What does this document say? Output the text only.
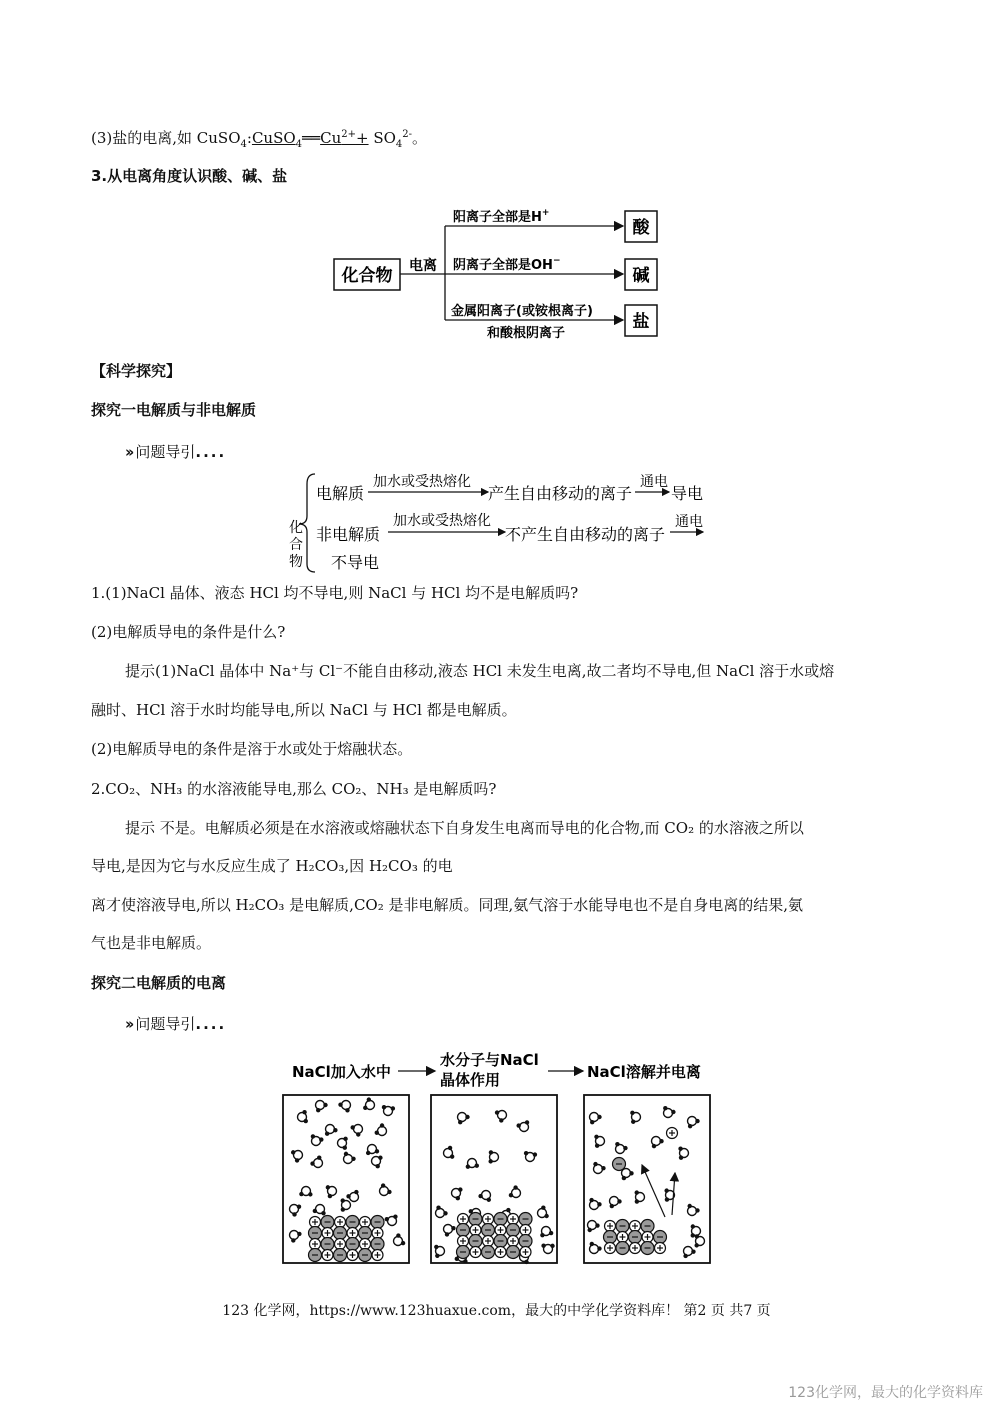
(3)盐的电离,如 $CuSO_4:CuSO_4══Cu^{2+}+ SO_4^{2-}$。
3.从电离角度认识酸、碱、盐
化合物 电离
阳离子全部是H+
阴离子全部是OH−
金属阳离子(或铵根离子)
和酸根阴离子
酸
碱
盐
【科学探究】
探究一电解质与非电解质
›› 问题导引....
化
合
物
电解质
加水或受热熔化
产生自由移动的离子
通电
导电
非电解质
加水或受热熔化
不产生自由移动的离子
通电
不导电
1.(1)NaCl 晶体、液态 HCl 均不导电,则 NaCl 与 HCl 均不是电解质吗?
(2)电解质导电的条件是什么?
提示(1)NaCl 晶体中 Na⁺与 Cl⁻不能自由移动,液态 HCl 未发生电离,故二者均不导电,但 NaCl 溶于水或熔
融时、HCl 溶于水时均能导电,所以 NaCl 与 HCl 都是电解质。
(2)电解质导电的条件是溶于水或处于熔融状态。
2.CO₂、NH₃ 的水溶液能导电,那么 CO₂、NH₃ 是电解质吗?
提示 不是。电解质必须是在水溶液或熔融状态下自身发生电离而导电的化合物,而 CO₂ 的水溶液之所以
导电,是因为它与水反应生成了 H₂CO₃,因 H₂CO₃ 的电
离才使溶液导电,所以 H₂CO₃ 是电解质,CO₂ 是非电解质。同理,氨气溶于水能导电也不是自身电离的结果,氨
气也是非电解质。
探究二电解质的电离
›› 问题导引....
NaCl加入水中
水分子与NaCl
晶体作用	NaCl溶解并电离
123 化学网，https://www.123huaxue.com，最大的中学化学资料库！ 第2 页 共7 页
123化学网，最大的化学资料库
